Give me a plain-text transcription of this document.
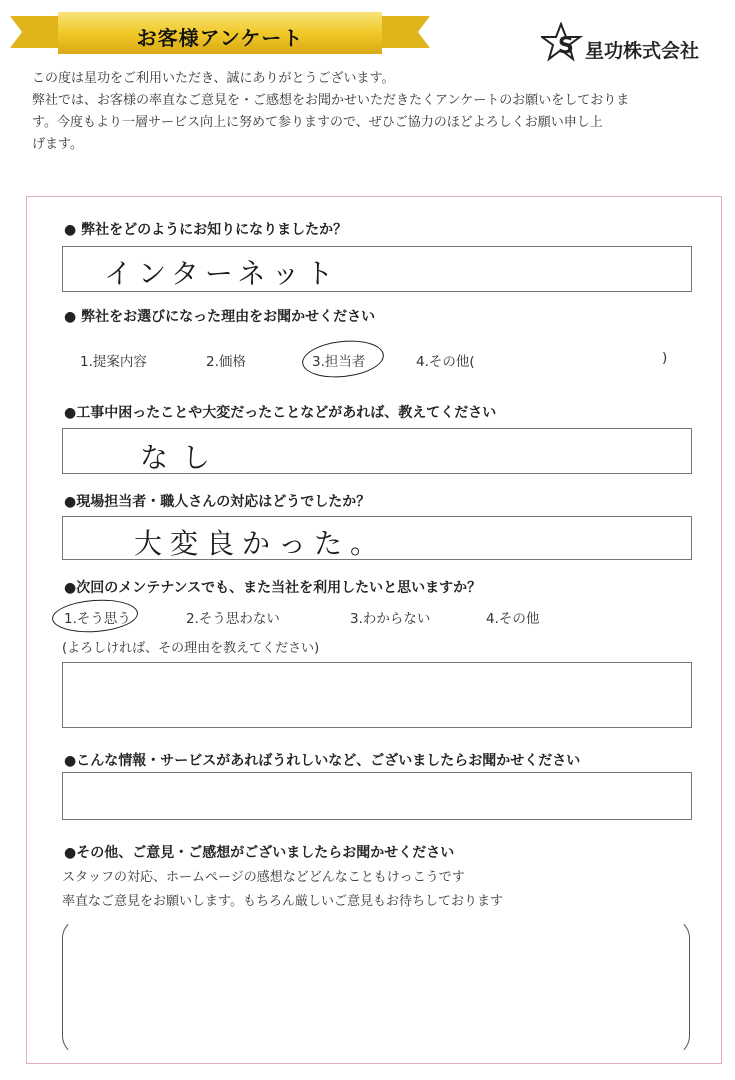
お客様アンケート	S 星功株式会社

この度は星功をご利用いただき、誠にありがとうございます。

弊社では、お客様の率直なご意見を・ご感想をお聞かせいただきたくアンケートのお願いをしておりま

す。今度もより一層サービス向上に努めて参りますので、ぜひご協力のほどよろしくお願い申し上

げます。

● 弊社をどのようにお知りになりましたか？
インターネット
● 弊社をお選びになった理由をお聞かせください
1.提案内容	2.価格	3.担当者	4.その他(	)
●工事中困ったことや大変だったことなどがあれば、教えてください
なし
●現場担当者・職人さんの対応はどうでしたか？
大変良かった。
●次回のメンテナンスでも、また当社を利用したいと思いますか？
1.そう思う	2.そう思わない	3.わからない	4.その他
(よろしければ、その理由を教えてください)
●こんな情報・サービスがあればうれしいなど、ございましたらお聞かせください
●その他、ご意見・ご感想がございましたらお聞かせください
スタッフの対応、ホームページの感想などどんなこともけっこうです
率直なご意見をお願いします。もちろん厳しいご意見もお待ちしております
